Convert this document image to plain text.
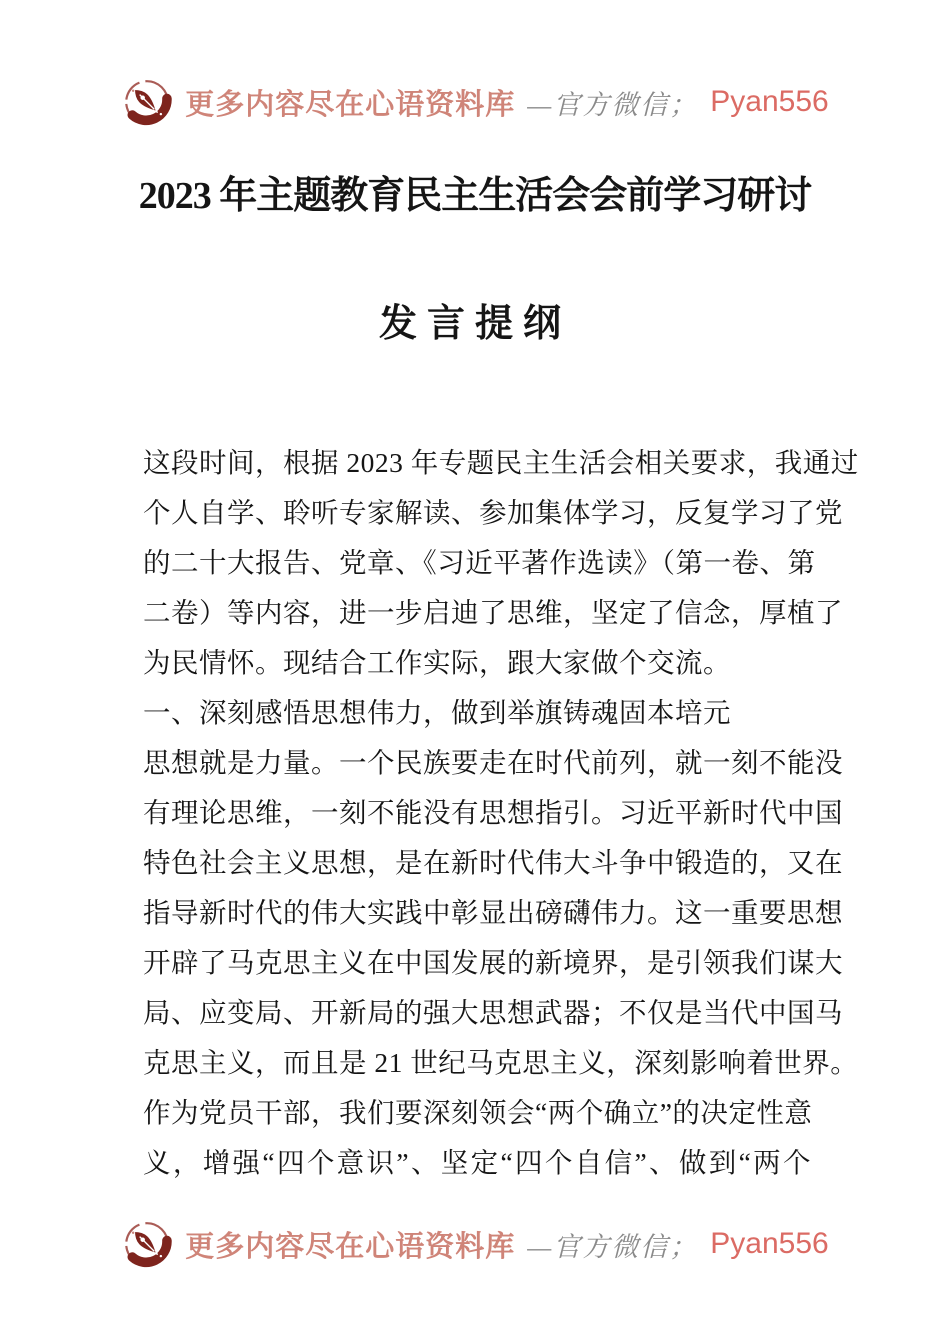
更多内容尽在心语资料库 —官方微信； Pyan556
2023 年主题教育民主生活会会前学习研讨
发言提纲
这段时间，根据 2023 年专题民主生活会相关要求，我通过
个人自学、聆听专家解读、参加集体学习，反复学习了党
的二十大报告、党章、《习近平著作选读》（第一卷、第
二卷）等内容，进一步启迪了思维，坚定了信念，厚植了
为民情怀。现结合工作实际，跟大家做个交流。
一、深刻感悟思想伟力，做到举旗铸魂固本培元
思想就是力量。一个民族要走在时代前列，就一刻不能没
有理论思维，一刻不能没有思想指引。习近平新时代中国
特色社会主义思想，是在新时代伟大斗争中锻造的，又在
指导新时代的伟大实践中彰显出磅礴伟力。这一重要思想
开辟了马克思主义在中国发展的新境界，是引领我们谋大
局、应变局、开新局的强大思想武器；不仅是当代中国马
克思主义，而且是 21 世纪马克思主义，深刻影响着世界。
作为党员干部，我们要深刻领会“两个确立”的决定性意
义，增强“四个意识”、坚定“四个自信”、做到“两个
更多内容尽在心语资料库 —官方微信； Pyan556
